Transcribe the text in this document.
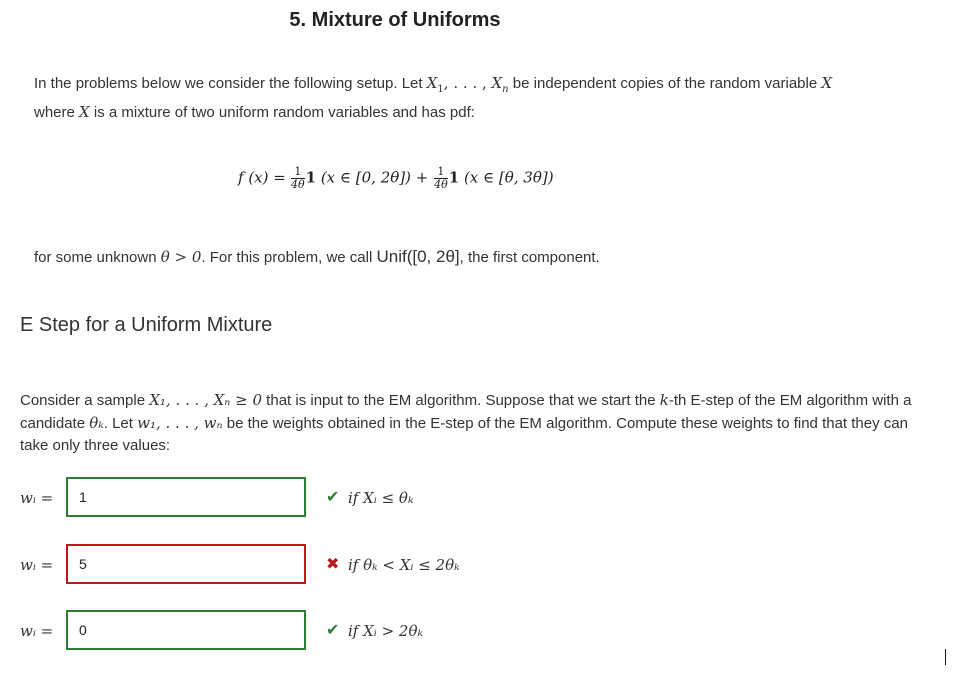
5. Mixture of Uniforms
In the problems below we consider the following setup. Let $X_1$, . . . , $X_n$ be independent copies of the random variable X
where X is a mixture of two uniform random variables and has pdf:
f $(x) = \frac{1}{4\theta} 1$ (x ∈ [0, $2\theta]) + \frac{1}{4\theta} 1$ (x ∈ [θ, 3θ])
for some unknown θ > 0. For this problem, we call Unif([0, 2θ], the first component.
E Step for a Uniform Mixture
Consider a sample X₁, . . . , Xₙ ≥ 0 that is input to the EM algorithm. Suppose that we start the k-th E-step of the EM algorithm with a candidate θₖ. Let w₁, . . . , wₙ be the weights obtained in the E-step of the EM algorithm. Compute these weights to find that they can take only three values:
wᵢ =	1	✔ if Xᵢ ≤ θₖ
wᵢ =	5	✖ if θₖ < Xᵢ ≤ 2θₖ
wᵢ =	0	✔ if Xᵢ > 2θₖ
